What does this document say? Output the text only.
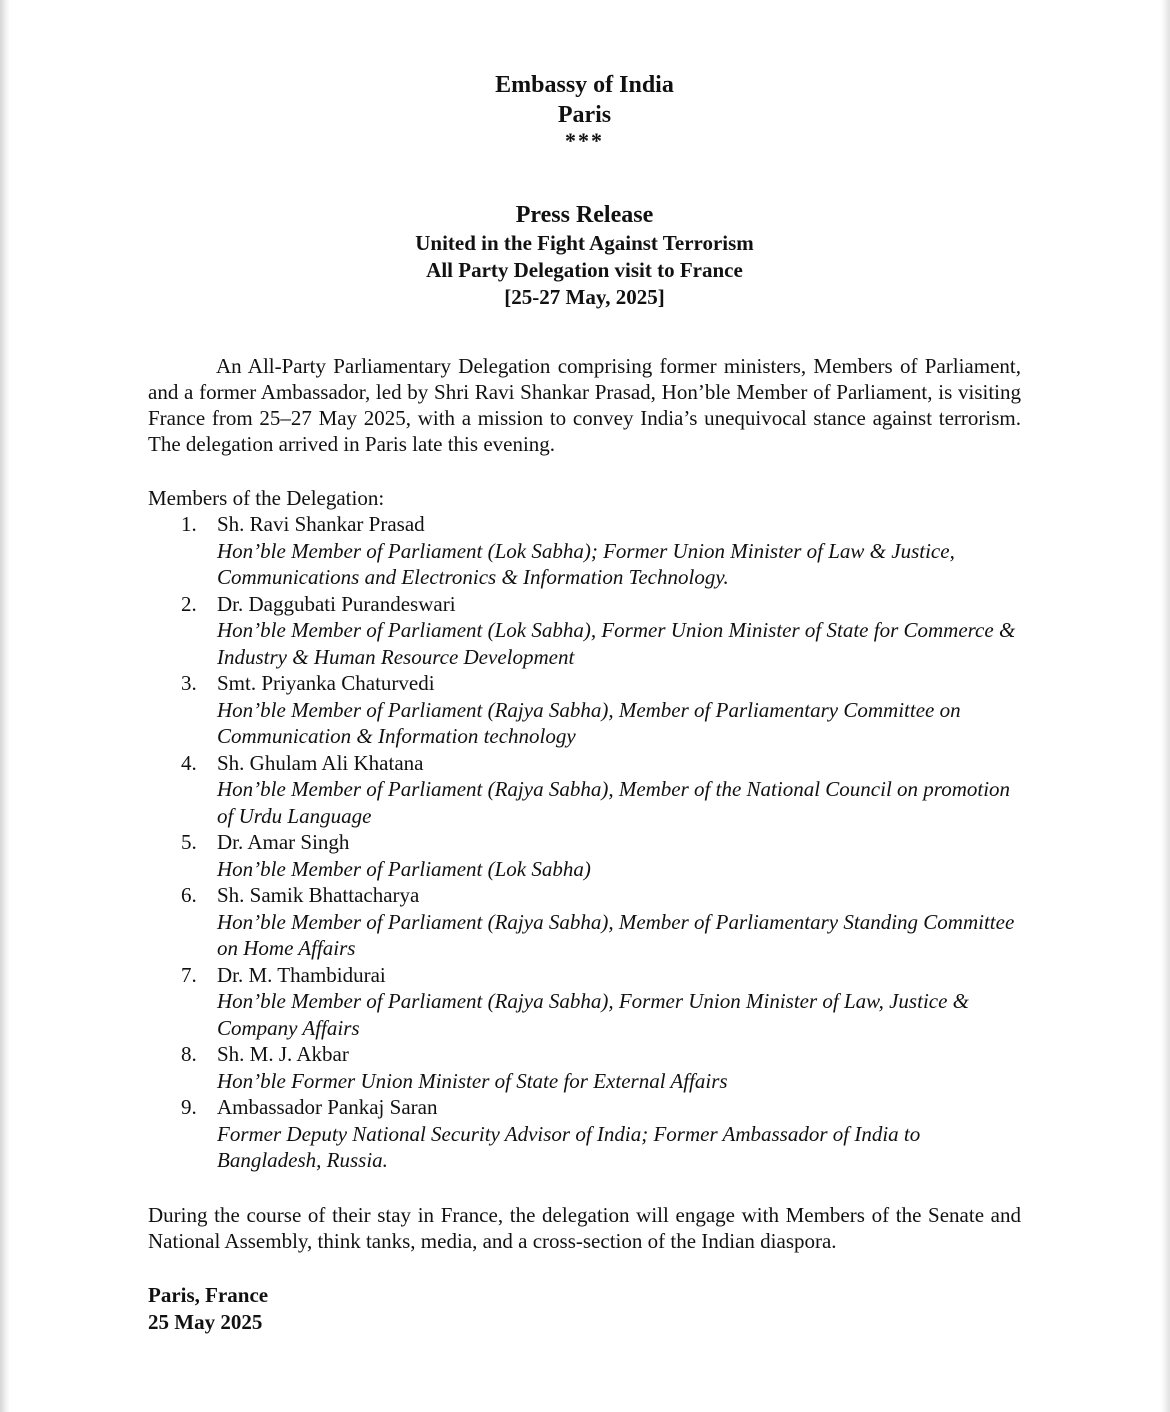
Embassy of India
Paris
***
Press Release
United in the Fight Against Terrorism
All Party Delegation visit to France
[25-27 May, 2025]

An All-Party Parliamentary Delegation comprising former ministers, Members of Parliament, and a former Ambassador, led by Shri Ravi Shankar Prasad, Hon’ble Member of Parliament, is visiting France from 25–27 May 2025, with a mission to convey India’s unequivocal stance against terrorism. The delegation arrived in Paris late this evening.

Members of the Delegation:
1. Sh. Ravi Shankar Prasad
Hon’ble Member of Parliament (Lok Sabha); Former Union Minister of Law & Justice, Communications and Electronics & Information Technology.
2. Dr. Daggubati Purandeswari
Hon’ble Member of Parliament (Lok Sabha), Former Union Minister of State for Commerce & Industry & Human Resource Development
3. Smt. Priyanka Chaturvedi
Hon’ble Member of Parliament (Rajya Sabha), Member of Parliamentary Committee on Communication & Information technology
4. Sh. Ghulam Ali Khatana
Hon’ble Member of Parliament (Rajya Sabha), Member of the National Council on promotion of Urdu Language
5. Dr. Amar Singh
Hon’ble Member of Parliament (Lok Sabha)
6. Sh. Samik Bhattacharya
Hon’ble Member of Parliament (Rajya Sabha), Member of Parliamentary Standing Committee on Home Affairs
7. Dr. M. Thambidurai
Hon’ble Member of Parliament (Rajya Sabha), Former Union Minister of Law, Justice & Company Affairs
8. Sh. M. J. Akbar
Hon’ble Former Union Minister of State for External Affairs
9. Ambassador Pankaj Saran
Former Deputy National Security Advisor of India; Former Ambassador of India to Bangladesh, Russia.

During the course of their stay in France, the delegation will engage with Members of the Senate and National Assembly, think tanks, media, and a cross-section of the Indian diaspora.

Paris, France
25 May 2025
